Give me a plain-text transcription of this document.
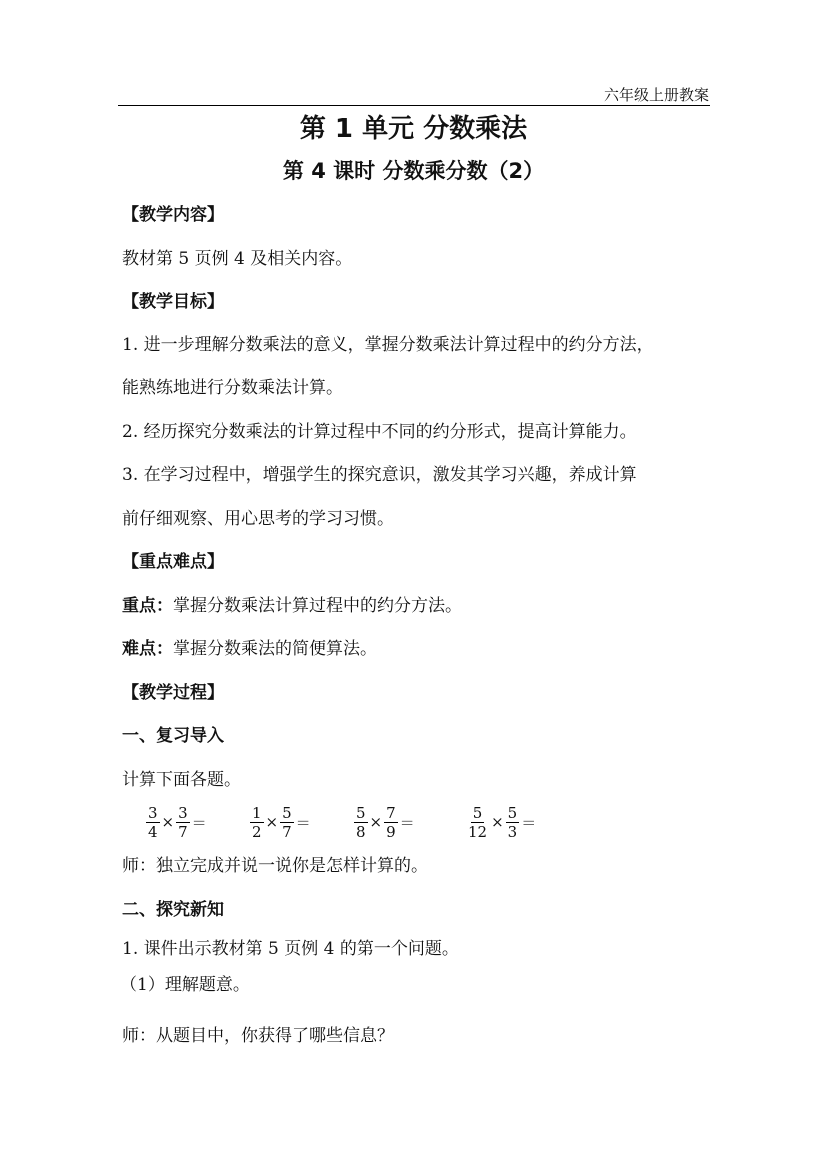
六年级上册教案
第 1 单元 分数乘法
第 4 课时 分数乘分数（2）
【教学内容】
教材第 5 页例 4 及相关内容。
【教学目标】
1. 进一步理解分数乘法的意义，掌握分数乘法计算过程中的约分方法，
能熟练地进行分数乘法计算。
2. 经历探究分数乘法的计算过程中不同的约分形式，提高计算能力。
3. 在学习过程中，增强学生的探究意识，激发其学习兴趣，养成计算
前仔细观察、用心思考的学习习惯。
【重点难点】
重点：掌握分数乘法计算过程中的约分方法。
难点：掌握分数乘法的简便算法。
【教学过程】
一、复习导入
计算下面各题。
$\frac{3}{4} \times \frac{3}{7}$ ＝	$\frac{1}{2} \times \frac{5}{7}$ ＝	$\frac{5}{8} \times \frac{7}{9}$ ＝	$\frac{5}{12} \times \frac{5}{3}$ ＝
师：独立完成并说一说你是怎样计算的。
二、探究新知
1. 课件出示教材第 5 页例 4 的第一个问题。
（1）理解题意。
师：从题目中，你获得了哪些信息？
